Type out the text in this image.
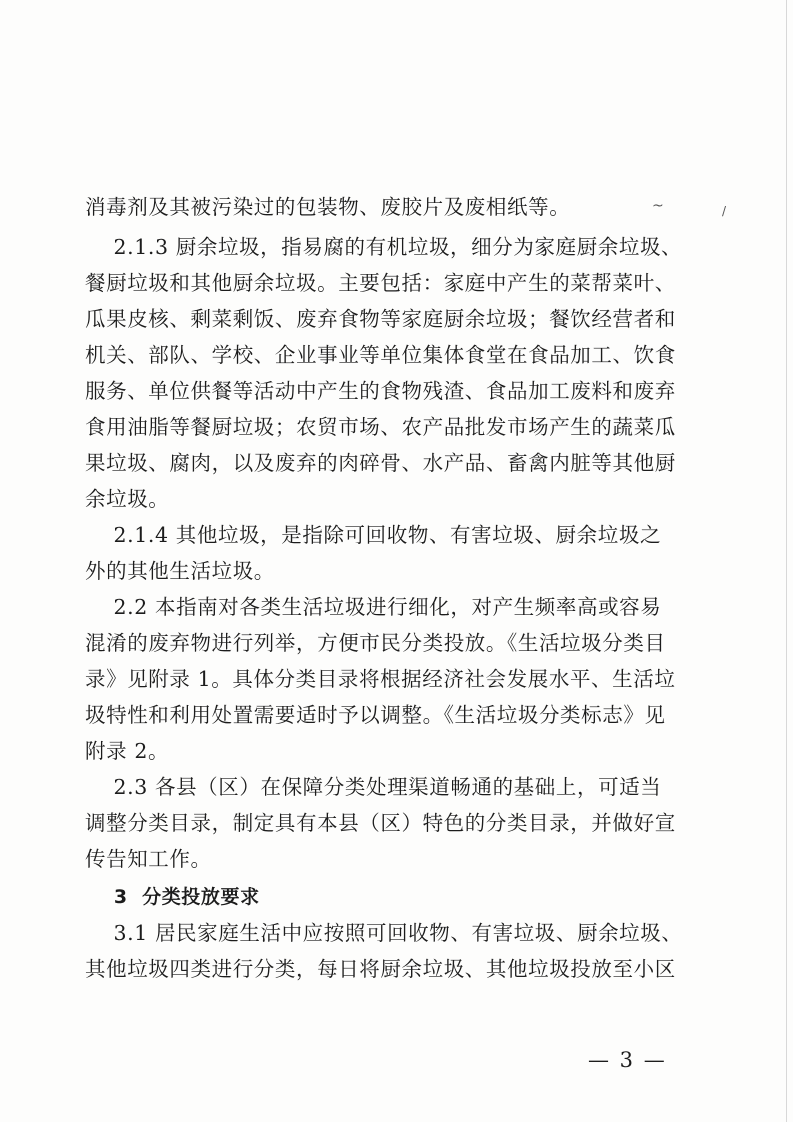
消毒剂及其被污染过的包装物、废胶片及废相纸等。	~	/
2.1.3 厨余垃圾，指易腐的有机垃圾，细分为家庭厨余垃圾、
餐厨垃圾和其他厨余垃圾。主要包括：家庭中产生的菜帮菜叶、
瓜果皮核、剩菜剩饭、废弃食物等家庭厨余垃圾；餐饮经营者和
机关、部队、学校、企业事业等单位集体食堂在食品加工、饮食
服务、单位供餐等活动中产生的食物残渣、食品加工废料和废弃
食用油脂等餐厨垃圾；农贸市场、农产品批发市场产生的蔬菜瓜
果垃圾、腐肉，以及废弃的肉碎骨、水产品、畜禽内脏等其他厨
余垃圾。
2.1.4 其他垃圾，是指除可回收物、有害垃圾、厨余垃圾之
外的其他生活垃圾。
2.2 本指南对各类生活垃圾进行细化，对产生频率高或容易
混淆的废弃物进行列举，方便市民分类投放。《生活垃圾分类目
录》见附录 1。具体分类目录将根据经济社会发展水平、生活垃
圾特性和利用处置需要适时予以调整。《生活垃圾分类标志》见
附录 2。
2.3 各县（区）在保障分类处理渠道畅通的基础上，可适当
调整分类目录，制定具有本县（区）特色的分类目录，并做好宣
传告知工作。
3  分类投放要求
3.1 居民家庭生活中应按照可回收物、有害垃圾、厨余垃圾、
其他垃圾四类进行分类，每日将厨余垃圾、其他垃圾投放至小区
— 3 —
